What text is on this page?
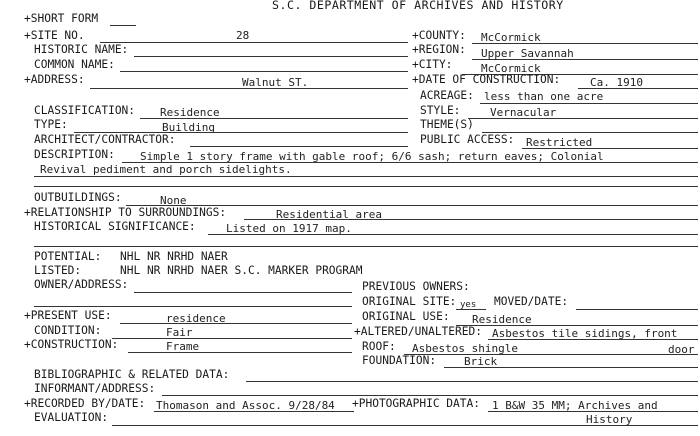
S.C. DEPARTMENT OF ARCHIVES AND HISTORY
+SHORT FORM
+SITE NO.	28	+COUNTY: McCormick
HISTORIC NAME:	+REGION: Upper Savannah
COMMON NAME:	+CITY:	McCormick
+ADDRESS:	Walnut ST.	+DATE OF CONSTRUCTION:	Ca. 1910
ACREAGE: less than one acre
CLASSIFICATION: Residence	STYLE:	Vernacular
TYPE:	Building	THEME(S)
ARCHITECT/CONTRACTOR:	PUBLIC ACCESS: Restricted
DESCRIPTION: Simple 1 story frame with gable roof; 6/6 sash; return eaves; Colonial
Revival pediment and porch sidelights.
OUTBUILDINGS:	None
+RELATIONSHIP TO SURROUNDINGS:	Residential area
HISTORICAL SIGNIFICANCE:	Listed on 1917 map.
POTENTIAL: NHL NR NRHD NAER
LISTED:	NHL NR NRHD NAER S.C. MARKER PROGRAM
OWNER/ADDRESS:	PREVIOUS OWNERS:
ORIGINAL SITE: yes MOVED/DATE:
+PRESENT USE:	residence	ORIGINAL USE: Residence
CONDITION:	Fair	+ALTERED/UNALTERED: Asbestos tile sidings, front
+CONSTRUCTION:	Frame	ROOF: Asbestos shingle	door
FOUNDATION:	Brick
BIBLIOGRAPHIC & RELATED DATA:
INFORMANT/ADDRESS:
+RECORDED BY/DATE: Thomason and Assoc. 9/28/84 +PHOTOGRAPHIC DATA: 1 B&W 35 MM; Archives and
EVALUATION:	History
